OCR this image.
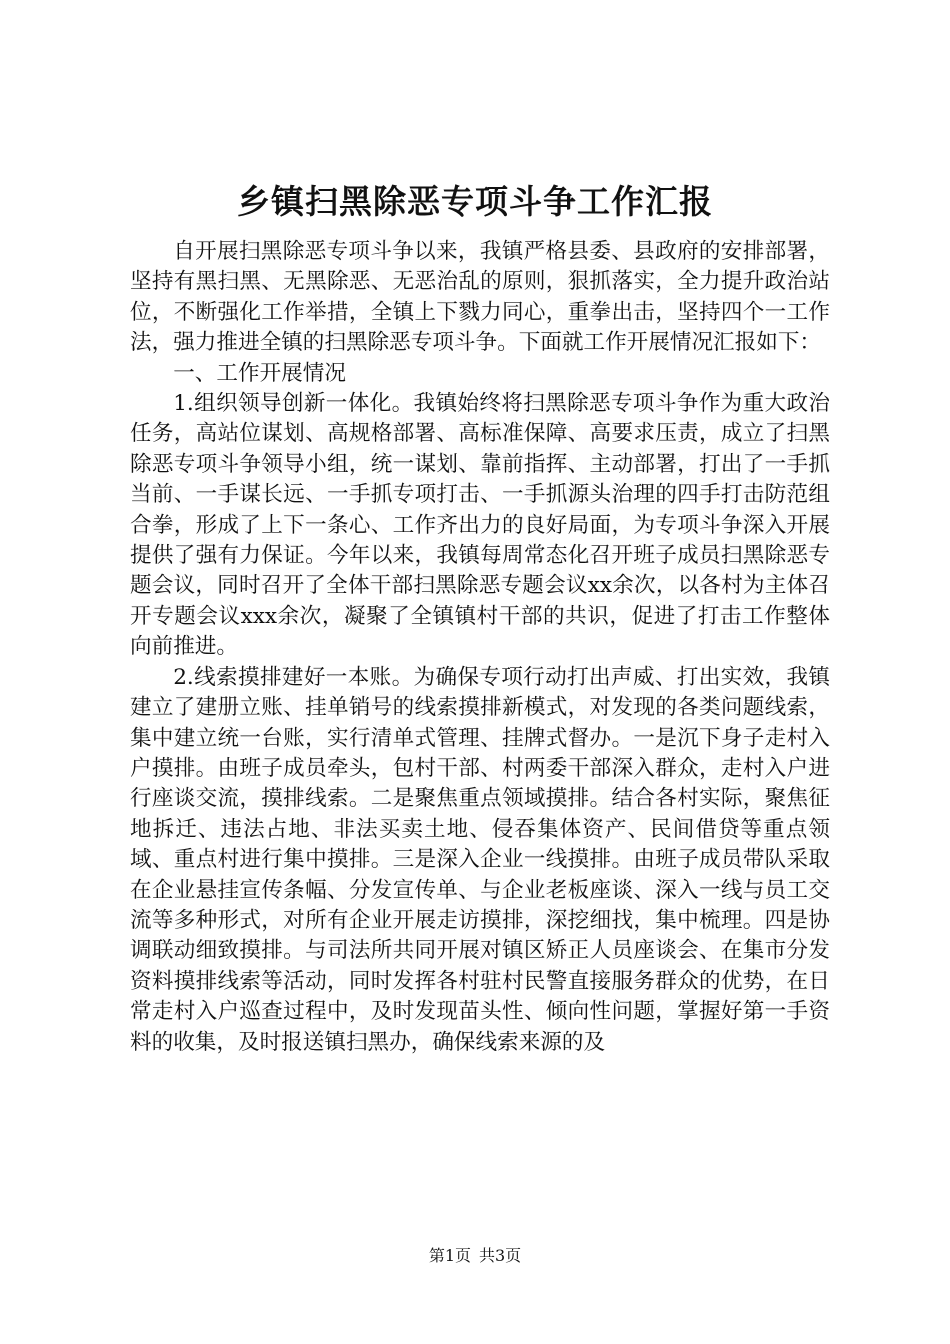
乡镇扫黑除恶专项斗争工作汇报

自开展扫黑除恶专项斗争以来，我镇严格县委、县政府的安排部署，坚持有黑扫黑、无黑除恶、无恶治乱的原则，狠抓落实，全力提升政治站位，不断强化工作举措，全镇上下戮力同心，重拳出击，坚持四个一工作法，强力推进全镇的扫黑除恶专项斗争。下面就工作开展情况汇报如下：

一、工作开展情况

1.组织领导创新一体化。我镇始终将扫黑除恶专项斗争作为重大政治任务，高站位谋划、高规格部署、高标准保障、高要求压责，成立了扫黑除恶专项斗争领导小组，统一谋划、靠前指挥、主动部署，打出了一手抓当前、一手谋长远、一手抓专项打击、一手抓源头治理的四手打击防范组合拳，形成了上下一条心、工作齐出力的良好局面，为专项斗争深入开展提供了强有力保证。今年以来，我镇每周常态化召开班子成员扫黑除恶专题会议，同时召开了全体干部扫黑除恶专题会议xx余次，以各村为主体召开专题会议xxx余次，凝聚了全镇镇村干部的共识，促进了打击工作整体向前推进。

2.线索摸排建好一本账。为确保专项行动打出声威、打出实效，我镇建立了建册立账、挂单销号的线索摸排新模式，对发现的各类问题线索，集中建立统一台账，实行清单式管理、挂牌式督办。一是沉下身子走村入户摸排。由班子成员牵头，包村干部、村两委干部深入群众，走村入户进行座谈交流，摸排线索。二是聚焦重点领域摸排。结合各村实际，聚焦征地拆迁、违法占地、非法买卖土地、侵吞集体资产、民间借贷等重点领域、重点村进行集中摸排。三是深入企业一线摸排。由班子成员带队采取在企业悬挂宣传条幅、分发宣传单、与企业老板座谈、深入一线与员工交流等多种形式，对所有企业开展走访摸排，深挖细找，集中梳理。四是协调联动细致摸排。与司法所共同开展对镇区矫正人员座谈会、在集市分发资料摸排线索等活动，同时发挥各村驻村民警直接服务群众的优势，在日常走村入户巡查过程中，及时发现苗头性、倾向性问题，掌握好第一手资料的收集，及时报送镇扫黑办，确保线索来源的及

第1页 共3页
